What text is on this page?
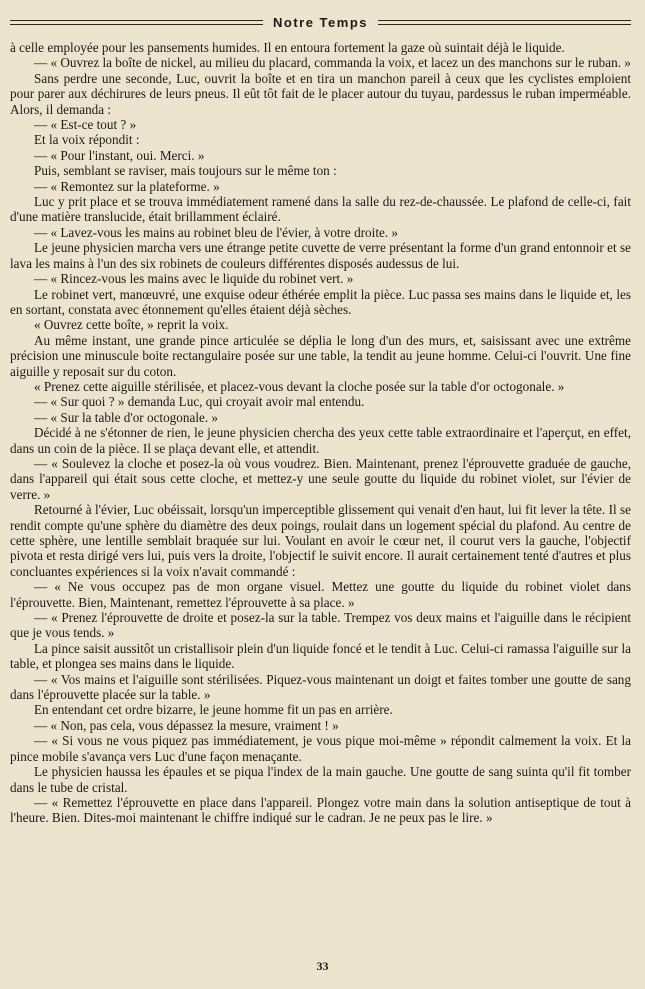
Notre Temps

à celle employée pour les pansements humides. Il en entoura fortement la gaze où suintait déjà le liquide.

— « Ouvrez la boîte de nickel, au milieu du placard, commanda la voix, et lacez un des manchons sur le ruban. »

Sans perdre une seconde, Luc, ouvrit la boîte et en tira un manchon pareil à ceux que les cyclistes emploient pour parer aux déchirures de leurs pneus. Il eût tôt fait de le placer autour du tuyau, pardessus le ruban imperméable. Alors, il demanda :

— « Est-ce tout ? »

Et la voix répondit :

— « Pour l'instant, oui. Merci. »

Puis, semblant se raviser, mais toujours sur le même ton :

— « Remontez sur la plateforme. »

Luc y prit place et se trouva immédiatement ramené dans la salle du rez-de-chaussée. Le plafond de celle-ci, fait d'une matière translucide, était brillamment éclairé.

— « Lavez-vous les mains au robinet bleu de l'évier, à votre droite. »

Le jeune physicien marcha vers une étrange petite cuvette de verre présentant la forme d'un grand entonnoir et se lava les mains à l'un des six robinets de couleurs différentes disposés audessus de lui.

— « Rincez-vous les mains avec le liquide du robinet vert. »

Le robinet vert, manœuvré, une exquise odeur éthérée emplit la pièce. Luc passa ses mains dans le liquide et, les en sortant, constata avec étonnement qu'elles étaient déjà sèches.

« Ouvrez cette boîte, » reprit la voix.

Au même instant, une grande pince articulée se déplia le long d'un des murs, et, saisissant avec une extrême précision une minuscule boite rectangulaire posée sur une table, la tendit au jeune homme. Celui-ci l'ouvrit. Une fine aiguille y reposait sur du coton.

« Prenez cette aiguille stérilisée, et placez-vous devant la cloche posée sur la table d'or octogonale. »

— « Sur quoi ? » demanda Luc, qui croyait avoir mal entendu.

— « Sur la table d'or octogonale. »

Décidé à ne s'étonner de rien, le jeune physicien chercha des yeux cette table extraordinaire et l'aperçut, en effet, dans un coin de la pièce. Il se plaça devant elle, et attendit.

— « Soulevez la cloche et posez-la où vous voudrez. Bien. Maintenant, prenez l'éprouvette graduée de gauche, dans l'appareil qui était sous cette cloche, et mettez-y une seule goutte du liquide du robinet violet, sur l'évier de verre. »

Retourné à l'évier, Luc obéissait, lorsqu'un imperceptible glissement qui venait d'en haut, lui fit lever la tête. Il se rendit compte qu'une sphère du diamètre des deux poings, roulait dans un logement spécial du plafond. Au centre de cette sphère, une lentille semblait braquée sur lui. Voulant en avoir le cœur net, il courut vers la gauche, l'objectif pivota et resta dirigé vers lui, puis vers la droite, l'objectif le suivit encore. Il aurait certainement tenté d'autres et plus concluantes expériences si la voix n'avait commandé :

— « Ne vous occupez pas de mon organe visuel. Mettez une goutte du liquide du robinet violet dans l'éprouvette. Bien, Maintenant, remettez l'éprouvette à sa place. »

— « Prenez l'éprouvette de droite et posez-la sur la table. Trempez vos deux mains et l'aiguille dans le récipient que je vous tends. »

La pince saisit aussitôt un cristallisoir plein d'un liquide foncé et le tendit à Luc. Celui-ci ramassa l'aiguille sur la table, et plongea ses mains dans le liquide.

— « Vos mains et l'aiguille sont stérilisées. Piquez-vous maintenant un doigt et faites tomber une goutte de sang dans l'éprouvette placée sur la table. »

En entendant cet ordre bizarre, le jeune homme fit un pas en arrière.

— « Non, pas cela, vous dépassez la mesure, vraiment ! »

— « Si vous ne vous piquez pas immédiatement, je vous pique moi-même » répondit calmement la voix. Et la pince mobile s'avança vers Luc d'une façon menaçante.

Le physicien haussa les épaules et se piqua l'index de la main gauche. Une goutte de sang suinta qu'il fit tomber dans le tube de cristal.

— « Remettez l'éprouvette en place dans l'appareil. Plongez votre main dans la solution antiseptique de tout à l'heure. Bien. Dites-moi maintenant le chiffre indiqué sur le cadran. Je ne peux pas le lire. »

33
